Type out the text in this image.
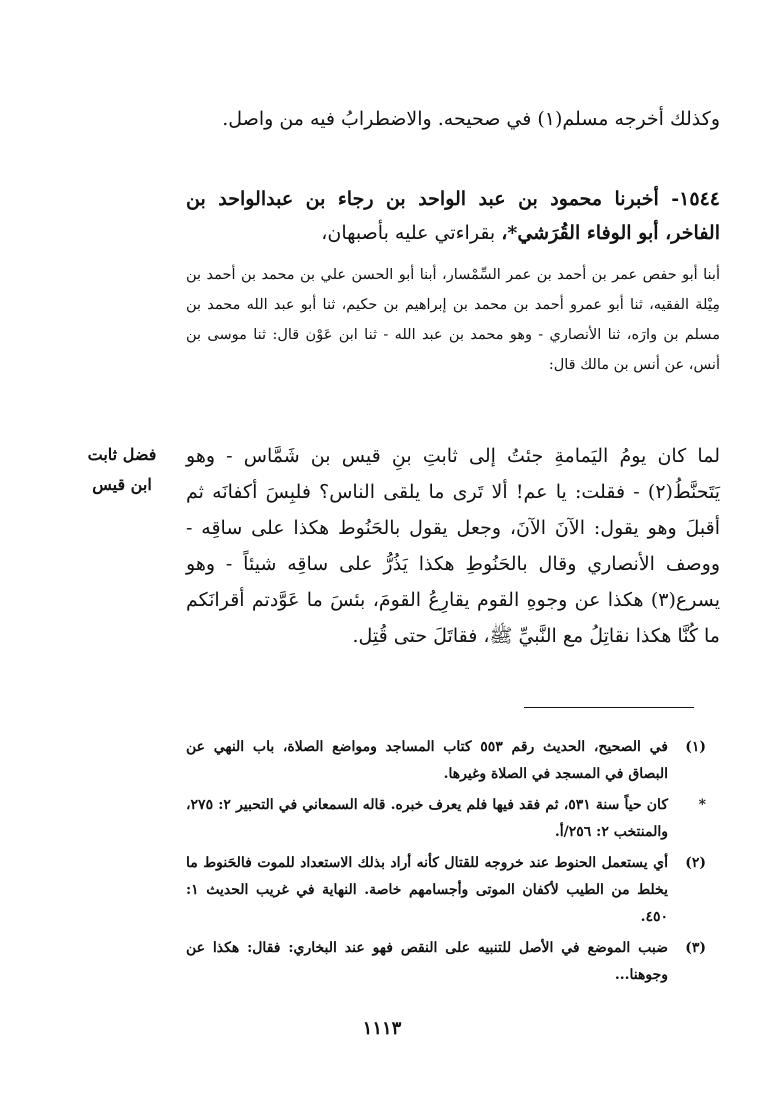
وكذلك أخرجه مسلم(١) في صحيحه. والاضطرابُ فيه من واصل.

١٥٤٤- أخبرنا محمود بن عبد الواحد بن رجاء بن عبدالواحد بن الفاخر، أبو الوفاء القُرَشي*، بقراءتي عليه بأصبهان،

أبنا أبو حفص عمر بن أحمد بن عمر السِّمْسار، أبنا أبو الحسن علي بن محمد بن أحمد بن مِيْلة الفقيه، ثنا أبو عمرو أحمد بن محمد بن إبراهيم بن حكيم، ثنا أبو عبد الله محمد بن مسلم بن وارَه، ثنا الأنصاري - وهو محمد بن عبد الله - ثنا ابن عَوْن قال: ثنا موسى بن أنس، عن أنس بن مالك قال:

لما كان يومُ اليَمامةِ جئتُ إلى ثابتِ بنِ قيس بن شَمَّاس - وهو يَتَحنَّطُ(٢) - فقلت: يا عم! ألا تَرى ما يلقى الناس؟ فلبِسَ أكفانَه ثم أقبلَ وهو يقول: الآنَ الآنَ، وجعل يقول بالحَنُوط هكذا على ساقِه - ووصف الأنصاري وقال بالحَنُوطِ هكذا يَذُرُّ على ساقِه شيئاً - وهو يسرع(٣) هكذا عن وجوهِ القوم يقارِعُ القومَ، بئسَ ما عَوَّدتم أقرانَكم ما كُنَّا هكذا نقاتِلُ مع النَّبيِّ ﷺ، فقاتَلَ حتى قُتِل.

فضل ثابت
ابن قيس
(١)
في الصحيح، الحديث رقم ٥٥٣ كتاب المساجد ومواضع الصلاة، باب النهي عن البصاق في المسجد في الصلاة وغيرها.
*
كان حياً سنة ٥٣١، ثم فقد فيها فلم يعرف خبره. قاله السمعاني في التحبير ٢: ٢٧٥، والمنتخب ٢: ٢٥٦/أ.
(٢)
أي يستعمل الحنوط عند خروجه للقتال كأنه أراد بذلك الاستعداد للموت فالحَنوط ما يخلط من الطيب لأكفان الموتى وأجسامهم خاصة. النهاية في غريب الحديث ١: ٤٥٠.
(٣)
ضبب الموضع في الأصل للتنبيه على النقص فهو عند البخاري: فقال: هكذا عن وجوهنا...
١١١٣
